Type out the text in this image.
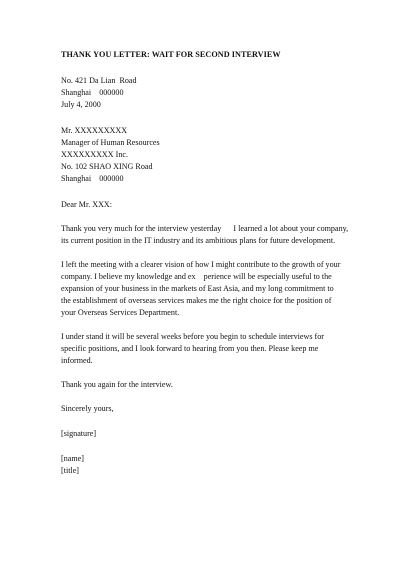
THANK YOU LETTER: WAIT FOR SECOND INTERVIEW
No. 421 Da Lian  Road
Shanghai    000000
July 4, 2000
Mr. XXXXXXXXX
Manager of Human Resources
XXXXXXXXX Inc.
No. 102 SHAO XING Road
Shanghai    000000
Dear Mr. XXX:
Thank you very much for the interview yesterday      I learned a lot about your company,
its current position in the IT industry and its ambitious plans for future development.
I left the meeting with a clearer vision of how I might contribute to the growth of your
company. I believe my knowledge and ex    perience will be especially useful to the
expansion of your business in the markets of East Asia, and my long commitment to
the establishment of overseas services makes me the right choice for the position of
your Overseas Services Department.
I under stand it will be several weeks before you begin to schedule interviews for
specific positions, and I look forward to hearing from you then. Please keep me
informed.
Thank you again for the interview.
Sincerely yours,
[signature]
[name]
[title]
